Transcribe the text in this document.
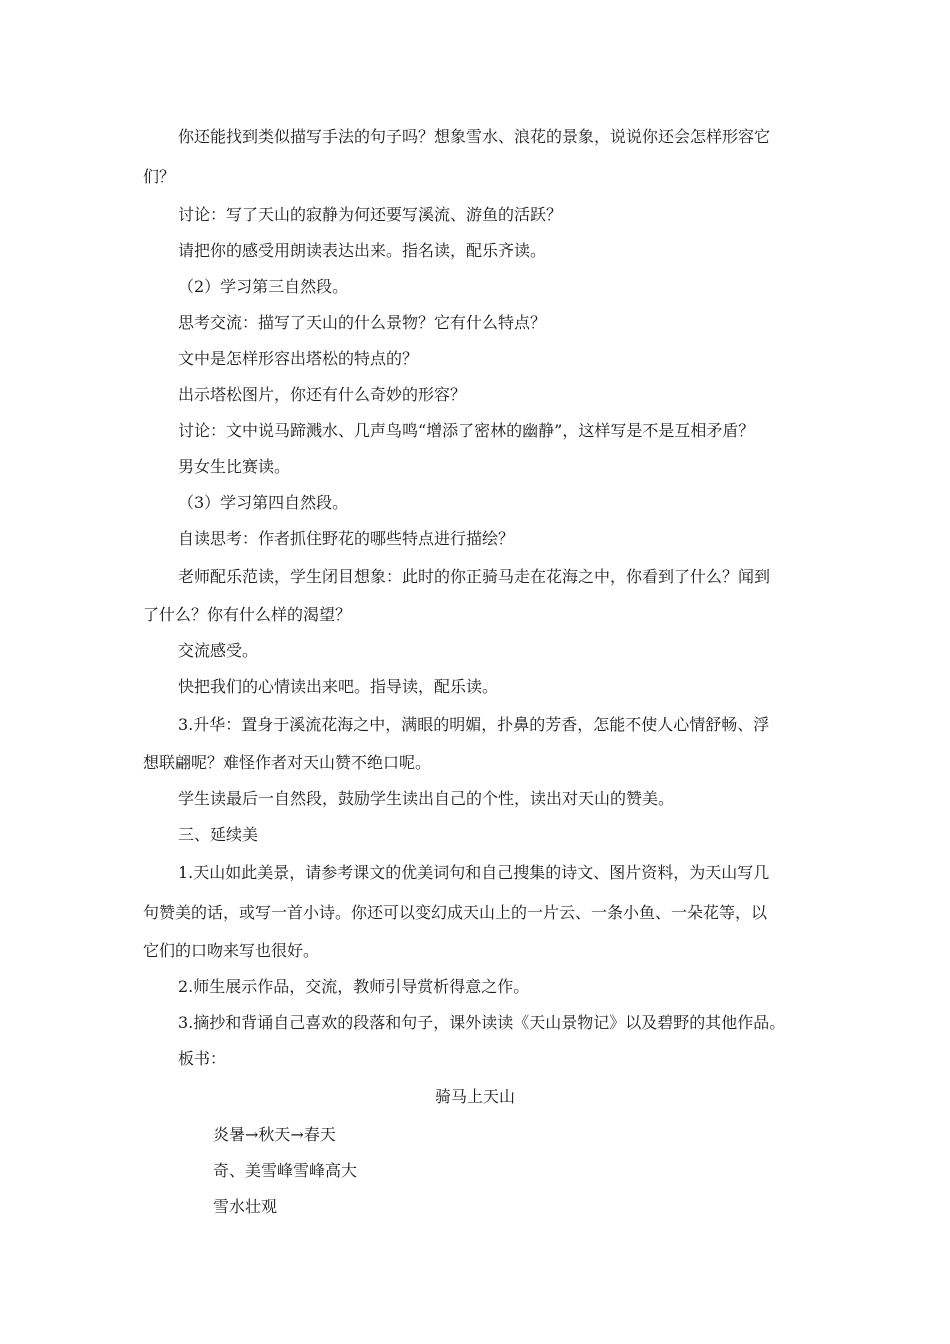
你还能找到类似描写手法的句子吗？想象雪水、浪花的景象，说说你还会怎样形容它
们？
讨论：写了天山的寂静为何还要写溪流、游鱼的活跃？
请把你的感受用朗读表达出来。指名读，配乐齐读。
（2）学习第三自然段。
思考交流：描写了天山的什么景物？它有什么特点？
文中是怎样形容出塔松的特点的？
出示塔松图片，你还有什么奇妙的形容？
讨论：文中说马蹄溅水、几声鸟鸣“增添了密林的幽静”，这样写是不是互相矛盾？
男女生比赛读。
（3）学习第四自然段。
自读思考：作者抓住野花的哪些特点进行描绘？
老师配乐范读，学生闭目想象：此时的你正骑马走在花海之中，你看到了什么？闻到
了什么？你有什么样的渴望？
交流感受。
快把我们的心情读出来吧。指导读，配乐读。
3.升华：置身于溪流花海之中，满眼的明媚，扑鼻的芳香，怎能不使人心情舒畅、浮
想联翩呢？难怪作者对天山赞不绝口呢。
学生读最后一自然段，鼓励学生读出自己的个性，读出对天山的赞美。
三、延续美
1.天山如此美景，请参考课文的优美词句和自己搜集的诗文、图片资料，为天山写几
句赞美的话，或写一首小诗。你还可以变幻成天山上的一片云、一条小鱼、一朵花等，以
它们的口吻来写也很好。
2.师生展示作品，交流，教师引导赏析得意之作。
3.摘抄和背诵自己喜欢的段落和句子，课外读读《天山景物记》以及碧野的其他作品。
板书：
骑马上天山
炎暑→秋天→春天
奇、美雪峰雪峰高大
雪水壮观
